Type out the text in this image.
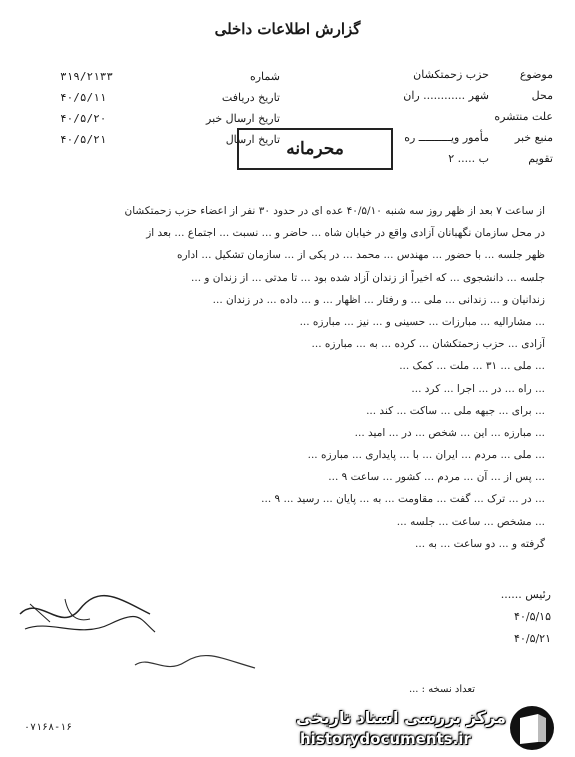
گزارش اطلاعات داخلی
موضوع
حزب زحمتکشان
محل
شهر ............ ران
علت منتشره
منبع خبر
مأمور ویــــــــــ ره
تقویم
ب ..... ۲
شماره
۳۱۹/۲۱۳۳
تاریخ دریافت
۴۰/۵/۱۱
تاریخ ارسال خبر
۴۰/۵/۲۰
تاریخ ارسال
۴۰/۵/۲۱	محرمانه

از ساعت ۷ بعد از ظهر روز سه شنبه ۴۰/۵/۱۰ عده ای در حدود ۳۰ نفر از اعضاء حزب زحمتکشان

در محل سازمان نگهبانان آزادی واقع در خیابان شاه ... حاضر و ... نسبت ... اجتماع ... بعد از

ظهر جلسه ... با حضور ... مهندس ... محمد ... در یکی از ... سازمان تشکیل ... اداره

جلسه ... دانشجوی ... که اخیراً از زندان آزاد شده بود ... تا مدتی ... از زندان و ...

زندانیان و ... زندانی ... ملی ... و رفتار ... اظهار ... و ... داده ... در زندان ...

... مشارالیه ... مبارزات ... حسینی و ... نیز ... مبارزه ...

آزادی ... حزب زحمتکشان ... کرده ... به ... مبارزه ...

... ملی ... ۳۱ ... ملت ... کمک ...

... راه ... در ... اجرا ... کرد ...

... برای ... جبهه ملی ... ساکت ... کند ...

... مبارزه ... این ... شخص ... در ... امید ...

... ملی ... مردم ... ایران ... با ... پایداری ... مبارزه ...

... پس از ... آن ... مردم ... کشور ... ساعت ۹ ...

... در ... ترک ... گفت ... مقاومت ... به ... پایان ... رسید ... ۹ ...

... مشخص ... ساعت ... جلسه ...

گرفته و ... دو ساعت ... به ...

رئیس ......
۴۰/۵/۱۵
۴۰/۵/۲۱
تعداد نسخه : ...
۰۷۱۶۸-۱۶
مرکز بررسی اسناد تاریخی
historydocuments.ir
